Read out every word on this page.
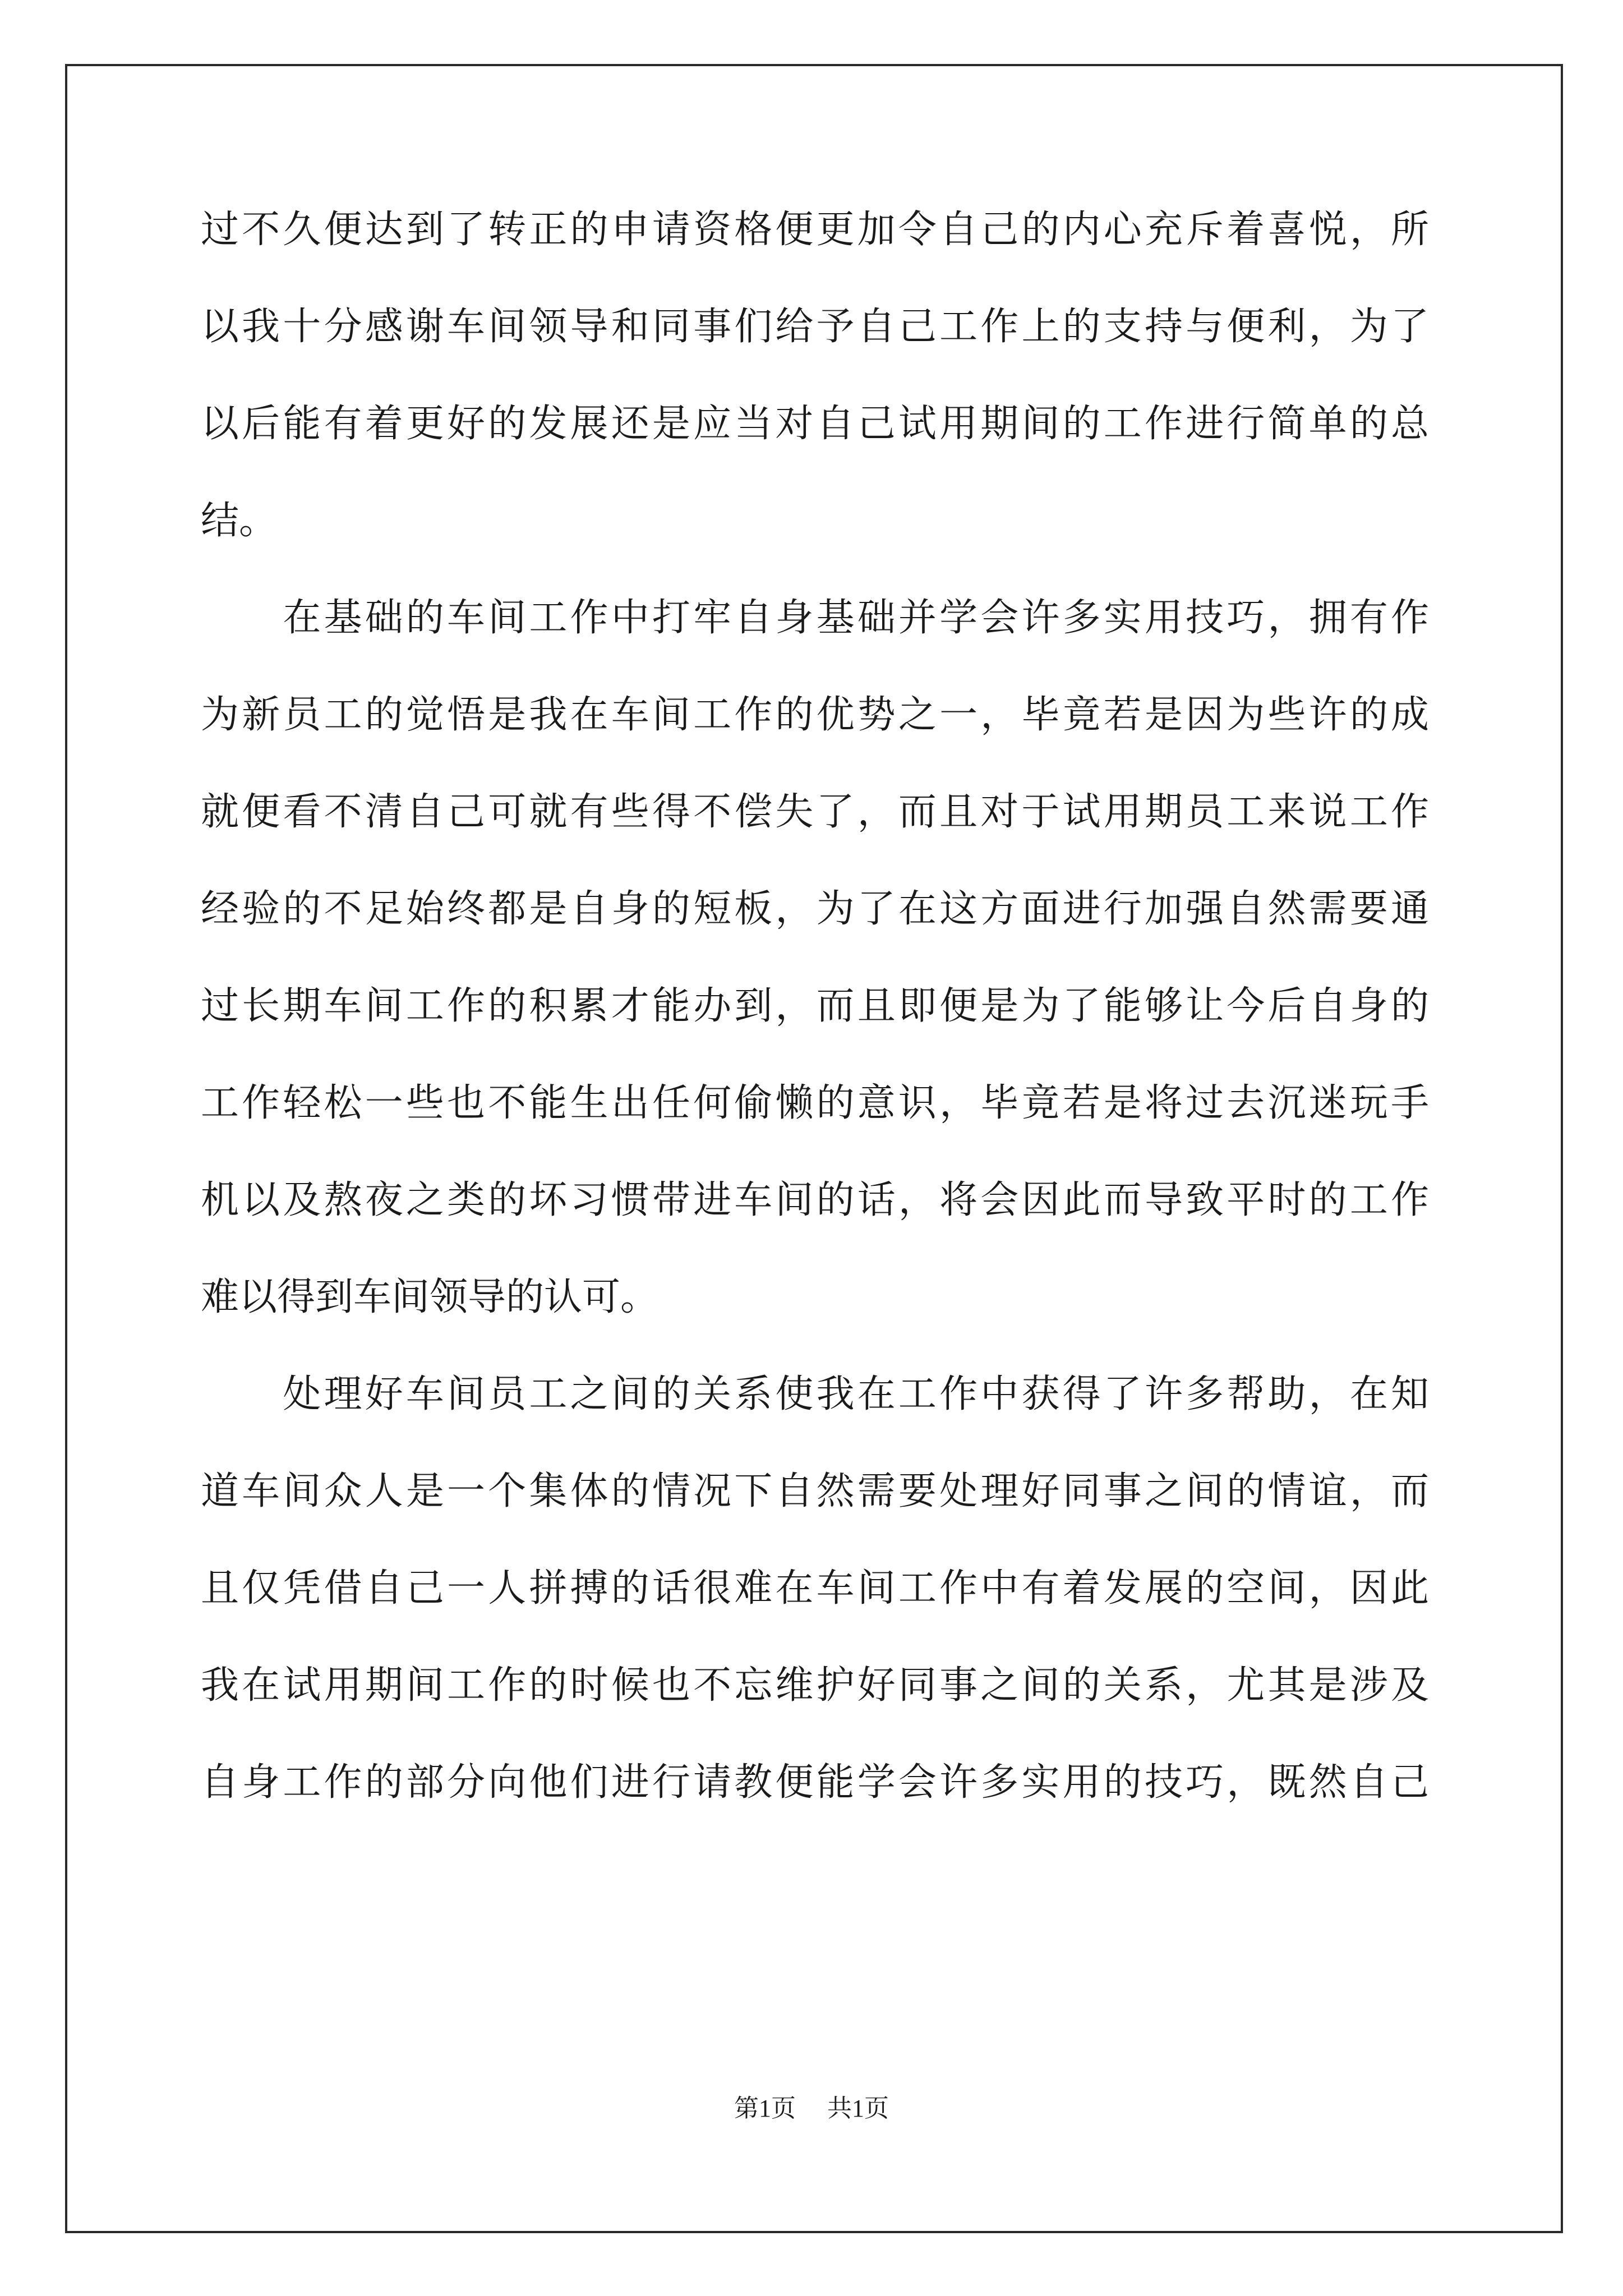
过 不 久 便 达 到 了 转 正 的 申 请 资 格 便 更 加 令 自 己 的 内 心 充 斥 着 喜 悦 ， 所
以 我 十 分 感 谢 车 间 领 导 和 同 事 们 给 予 自 己 工 作 上 的 支 持 与 便 利 ， 为 了
以 后 能 有 着 更 好 的 发 展 还 是 应 当 对 自 己 试 用 期 间 的 工 作 进 行 简 单 的 总
结。

在 基 础 的 车 间 工 作 中 打 牢 自 身 基 础 并 学 会 许 多 实 用 技 巧 ， 拥 有 作
为 新 员 工 的 觉 悟 是 我 在 车 间 工 作 的 优 势 之 一 ， 毕 竟 若 是 因 为 些 许 的 成
就 便 看 不 清 自 己 可 就 有 些 得 不 偿 失 了 ， 而 且 对 于 试 用 期 员 工 来 说 工 作
经 验 的 不 足 始 终 都 是 自 身 的 短 板 ， 为 了 在 这 方 面 进 行 加 强 自 然 需 要 通
过 长 期 车 间 工 作 的 积 累 才 能 办 到 ， 而 且 即 便 是 为 了 能 够 让 今 后 自 身 的
工 作 轻 松 一 些 也 不 能 生 出 任 何 偷 懒 的 意 识 ， 毕 竟 若 是 将 过 去 沉 迷 玩 手
机 以 及 熬 夜 之 类 的 坏 习 惯 带 进 车 间 的 话 ， 将 会 因 此 而 导 致 平 时 的 工 作
难以得到车间领导的认可。

处 理 好 车 间 员 工 之 间 的 关 系 使 我 在 工 作 中 获 得 了 许 多 帮 助 ， 在 知
道 车 间 众 人 是 一 个 集 体 的 情 况 下 自 然 需 要 处 理 好 同 事 之 间 的 情 谊 ， 而
且 仅 凭 借 自 己 一 人 拼 搏 的 话 很 难 在 车 间 工 作 中 有 着 发 展 的 空 间 ， 因 此
我 在 试 用 期 间 工 作 的 时 候 也 不 忘 维 护 好 同 事 之 间 的 关 系 ， 尤 其 是 涉 及
自 身 工 作 的 部 分 向 他 们 进 行 请 教 便 能 学 会 许 多 实 用 的 技 巧 ， 既 然 自 己
第1页 共1页
